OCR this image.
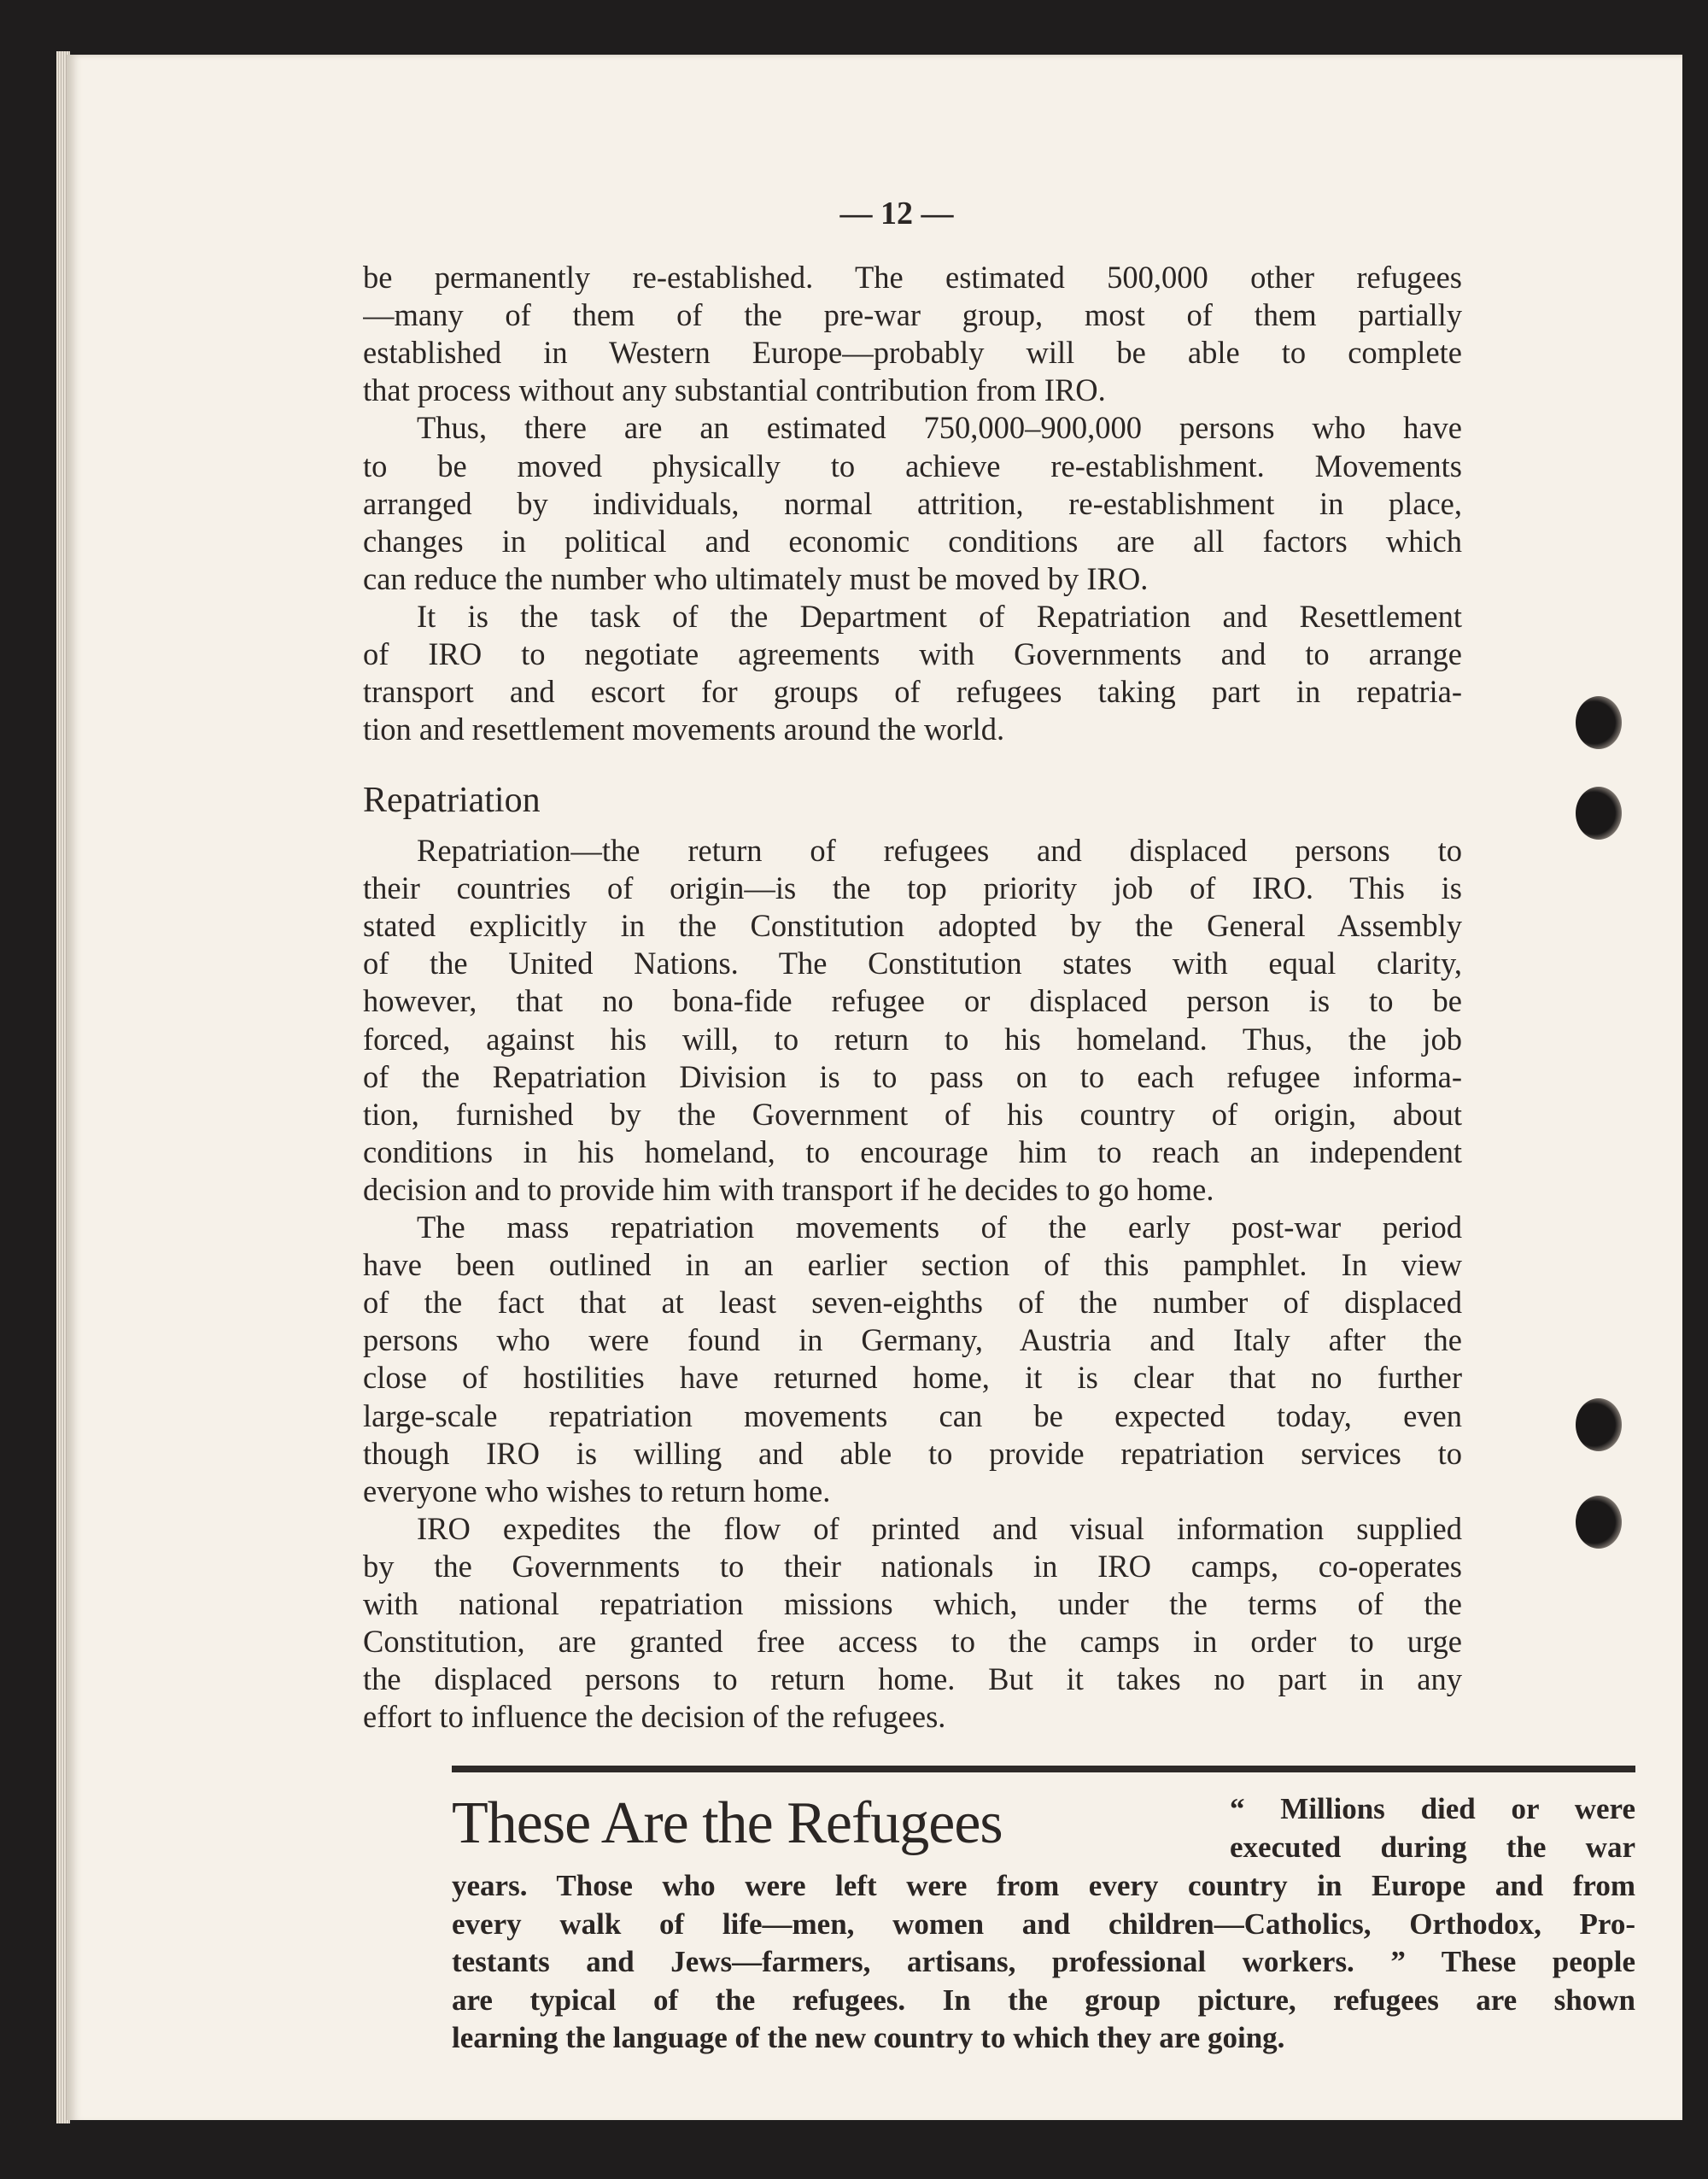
— 12 —
be permanently re-established. The estimated 500,000 other refugees
—many of them of the pre-war group, most of them partially
established in Western Europe—probably will be able to complete
that process without any substantial contribution from IRO.
Thus, there are an estimated 750,000–900,000 persons who have
to be moved physically to achieve re-establishment. Movements
arranged by individuals, normal attrition, re-establishment in place,
changes in political and economic conditions are all factors which
can reduce the number who ultimately must be moved by IRO.
It is the task of the Department of Repatriation and Resettlement
of IRO to negotiate agreements with Governments and to arrange
transport and escort for groups of refugees taking part in repatria-
tion and resettlement movements around the world.
Repatriation—the return of refugees and displaced persons to
their countries of origin—is the top priority job of IRO. This is
stated explicitly in the Constitution adopted by the General Assembly
of the United Nations. The Constitution states with equal clarity,
however, that no bona-fide refugee or displaced person is to be
forced, against his will, to return to his homeland. Thus, the job
of the Repatriation Division is to pass on to each refugee informa-
tion, furnished by the Government of his country of origin, about
conditions in his homeland, to encourage him to reach an independent
decision and to provide him with transport if he decides to go home.
The mass repatriation movements of the early post-war period
have been outlined in an earlier section of this pamphlet. In view
of the fact that at least seven-eighths of the number of displaced
persons who were found in Germany, Austria and Italy after the
close of hostilities have returned home, it is clear that no further
large-scale repatriation movements can be expected today, even
though IRO is willing and able to provide repatriation services to
everyone who wishes to return home.
IRO expedites the flow of printed and visual information supplied
by the Governments to their nationals in IRO camps, co-operates
with national repatriation missions which, under the terms of the
Constitution, are granted free access to the camps in order to urge
the displaced persons to return home. But it takes no part in any
effort to influence the decision of the refugees.
Repatriation
These Are the Refugees	“ Millions died or were
executed during the war
years. Those who were left were from every country in Europe and from
every walk of life—men, women and children—Catholics, Orthodox, Pro-
testants and Jews—farmers, artisans, professional workers. ” These people
are typical of the refugees. In the group picture, refugees are shown
learning the language of the new country to which they are going.
